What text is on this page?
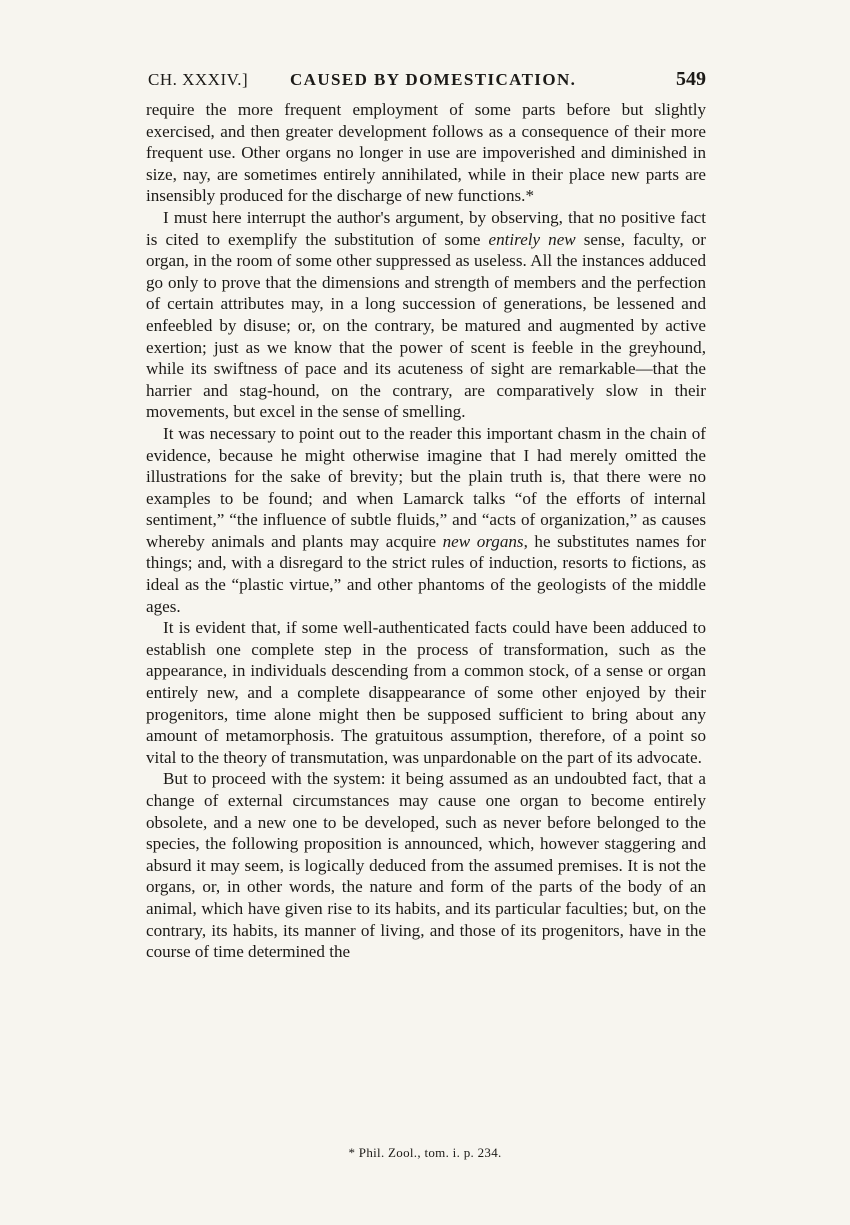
CH. XXXIV.] CAUSED BY DOMESTICATION.	549

require the more frequent employment of some parts before but slightly exercised, and then greater development follows as a consequence of their more frequent use. Other organs no longer in use are impoverished and diminished in size, nay, are sometimes entirely annihilated, while in their place new parts are insensibly produced for the discharge of new functions.*

I must here interrupt the author's argument, by observing, that no positive fact is cited to exemplify the substitution of some entirely new sense, faculty, or organ, in the room of some other suppressed as useless. All the instances adduced go only to prove that the dimensions and strength of members and the perfection of certain attributes may, in a long succession of generations, be lessened and enfeebled by disuse; or, on the contrary, be matured and augmented by active exertion; just as we know that the power of scent is feeble in the greyhound, while its swiftness of pace and its acuteness of sight are remarkable—that the harrier and stag-hound, on the contrary, are comparatively slow in their movements, but excel in the sense of smelling.

It was necessary to point out to the reader this important chasm in the chain of evidence, because he might otherwise imagine that I had merely omitted the illustrations for the sake of brevity; but the plain truth is, that there were no examples to be found; and when Lamarck talks “of the efforts of internal sentiment,” “the influence of subtle fluids,” and “acts of organization,” as causes whereby animals and plants may acquire new organs, he substitutes names for things; and, with a disregard to the strict rules of induction, resorts to fictions, as ideal as the “plastic virtue,” and other phantoms of the geologists of the middle ages.

It is evident that, if some well-authenticated facts could have been adduced to establish one complete step in the process of transformation, such as the appearance, in individuals descending from a common stock, of a sense or organ entirely new, and a complete disappearance of some other enjoyed by their progenitors, time alone might then be supposed sufficient to bring about any amount of metamorphosis. The gratuitous assumption, therefore, of a point so vital to the theory of transmutation, was unpardonable on the part of its advocate.

But to proceed with the system: it being assumed as an undoubted fact, that a change of external circumstances may cause one organ to become entirely obsolete, and a new one to be developed, such as never before belonged to the species, the following proposition is announced, which, however staggering and absurd it may seem, is logically deduced from the assumed premises. It is not the organs, or, in other words, the nature and form of the parts of the body of an animal, which have given rise to its habits, and its particular faculties; but, on the contrary, its habits, its manner of living, and those of its progenitors, have in the course of time determined the

* Phil. Zool., tom. i. p. 234.
